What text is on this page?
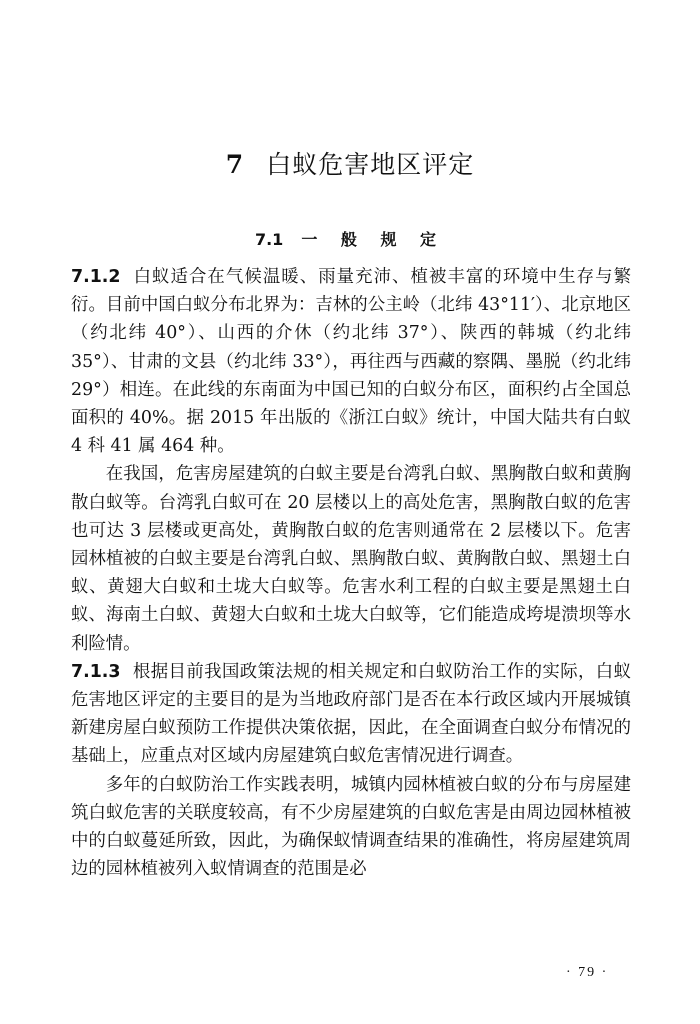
7 白蚁危害地区评定
7.1 一 般 规 定

7.1.2 白蚁适合在气候温暖、雨量充沛、植被丰富的环境中生存与繁衍。目前中国白蚁分布北界为：吉林的公主岭（北纬 43°11′）、北京地区（约北纬 40°）、山西的介休（约北纬 37°）、陕西的韩城（约北纬 35°）、甘肃的文县（约北纬 33°），再往西与西藏的察隅、墨脱（约北纬 29°）相连。在此线的东南面为中国已知的白蚁分布区，面积约占全国总面积的 40%。据 2015 年出版的《浙江白蚁》统计，中国大陆共有白蚁 4 科 41 属 464 种。

在我国，危害房屋建筑的白蚁主要是台湾乳白蚁、黑胸散白蚁和黄胸散白蚁等。台湾乳白蚁可在 20 层楼以上的高处危害，黑胸散白蚁的危害也可达 3 层楼或更高处，黄胸散白蚁的危害则通常在 2 层楼以下。危害园林植被的白蚁主要是台湾乳白蚁、黑胸散白蚁、黄胸散白蚁、黑翅土白蚁、黄翅大白蚁和土垅大白蚁等。危害水利工程的白蚁主要是黑翅土白蚁、海南土白蚁、黄翅大白蚁和土垅大白蚁等，它们能造成垮堤溃坝等水利险情。

7.1.3 根据目前我国政策法规的相关规定和白蚁防治工作的实际，白蚁危害地区评定的主要目的是为当地政府部门是否在本行政区域内开展城镇新建房屋白蚁预防工作提供决策依据，因此，在全面调查白蚁分布情况的基础上，应重点对区域内房屋建筑白蚁危害情况进行调查。

多年的白蚁防治工作实践表明，城镇内园林植被白蚁的分布与房屋建筑白蚁危害的关联度较高，有不少房屋建筑的白蚁危害是由周边园林植被中的白蚁蔓延所致，因此，为确保蚁情调查结果的准确性，将房屋建筑周边的园林植被列入蚁情调查的范围是必

· 79 ·
